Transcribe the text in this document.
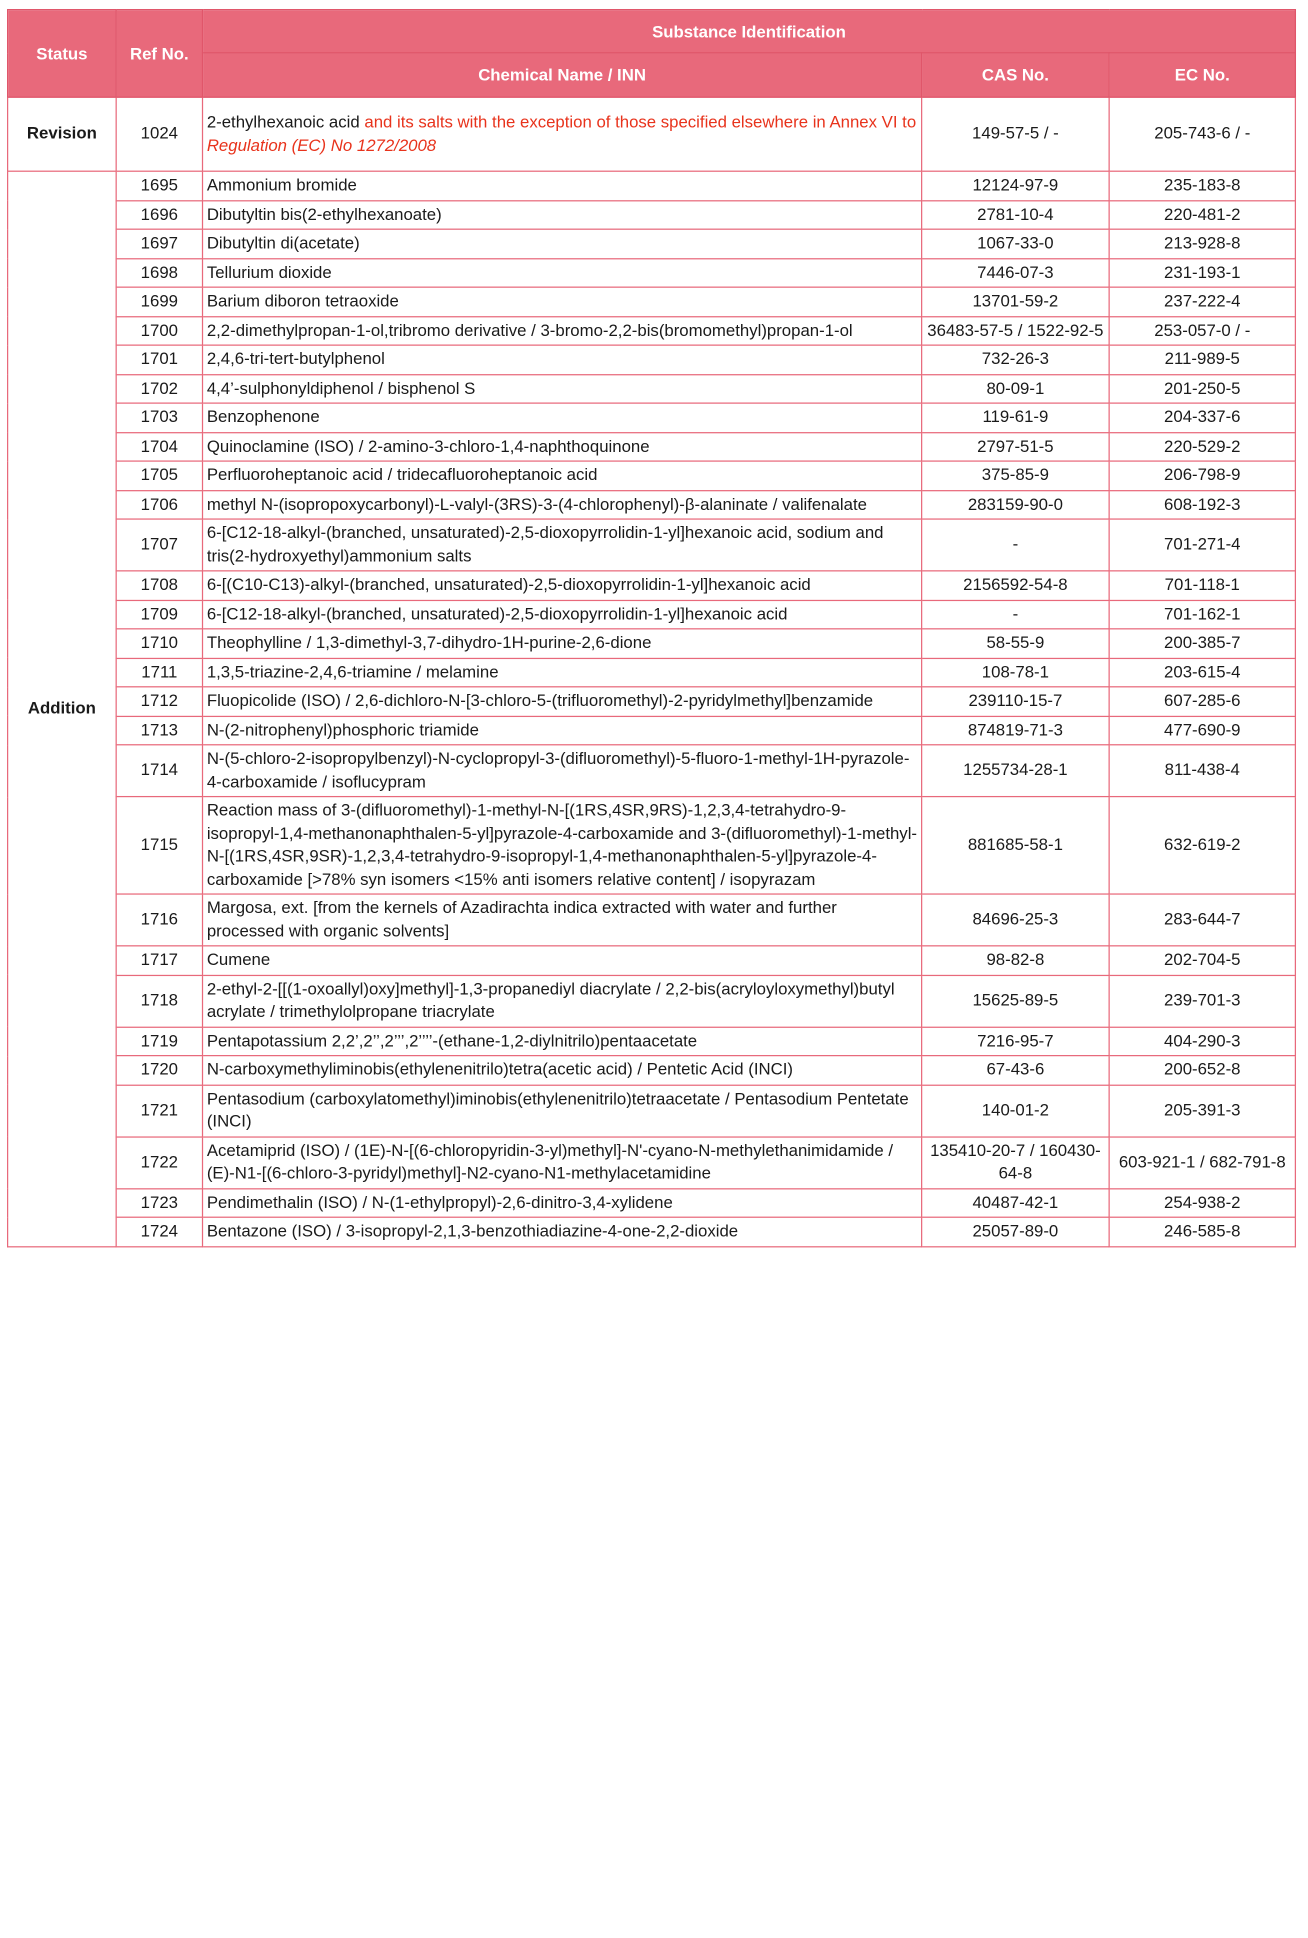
Status	Ref No.	Substance Identification		
		Chemical Name / INN	CAS No.	EC No.
Revision	1024	2-ethylhexanoic acid and its salts with the exception of those specified elsewhere in Annex VI to Regulation (EC) No 1272/2008	149-57-5 / -	205-743-6 / -
Addition	1695	Ammonium bromide	12124-97-9	235-183-8
	1696	Dibutyltin bis(2-ethylhexanoate)	2781-10-4	220-481-2
	1697	Dibutyltin di(acetate)	1067-33-0	213-928-8
	1698	Tellurium dioxide	7446-07-3	231-193-1
	1699	Barium diboron tetraoxide	13701-59-2	237-222-4
	1700	2,2-dimethylpropan-1-ol,tribromo derivative / 3-bromo-2,2-bis(bromomethyl)propan-1-ol	36483-57-5 / 1522-92-5	253-057-0 / -
	1701	2,4,6-tri-tert-butylphenol	732-26-3	211-989-5
	1702	4,4’-sulphonyldiphenol / bisphenol S	80-09-1	201-250-5
	1703	Benzophenone	119-61-9	204-337-6
	1704	Quinoclamine (ISO) / 2-amino-3-chloro-1,4-naphthoquinone	2797-51-5	220-529-2
	1705	Perfluoroheptanoic acid / tridecafluoroheptanoic acid	375-85-9	206-798-9
	1706	methyl N-(isopropoxycarbonyl)-L-valyl-(3RS)-3-(4-chlorophenyl)-β-alaninate / valifenalate	283159-90-0	608-192-3
	1707	6-[C12-18-alkyl-(branched, unsaturated)-2,5-dioxopyrrolidin-1-yl]hexanoic acid, sodium and tris(2-hydroxyethyl)ammonium salts	-	701-271-4
	1708	6-[(C10-C13)-alkyl-(branched, unsaturated)-2,5-dioxopyrrolidin-1-yl]hexanoic acid	2156592-54-8	701-118-1
	1709	6-[C12-18-alkyl-(branched, unsaturated)-2,5-dioxopyrrolidin-1-yl]hexanoic acid	-	701-162-1
	1710	Theophylline / 1,3-dimethyl-3,7-dihydro-1H-purine-2,6-dione	58-55-9	200-385-7
	1711	1,3,5-triazine-2,4,6-triamine / melamine	108-78-1	203-615-4
	1712	Fluopicolide (ISO) / 2,6-dichloro-N-[3-chloro-5-(trifluoromethyl)-2-pyridylmethyl]benzamide	239110-15-7	607-285-6
	1713	N-(2-nitrophenyl)phosphoric triamide	874819-71-3	477-690-9
	1714	N-(5-chloro-2-isopropylbenzyl)-N-cyclopropyl-3-(difluoromethyl)-5-fluoro-1-methyl-1H-pyrazole-4-carboxamide / isoflucypram	1255734-28-1	811-438-4
	1715	Reaction mass of 3-(difluoromethyl)-1-methyl-N-[(1RS,4SR,9RS)-1,2,3,4-tetrahydro-9-isopropyl-1,4-methanonaphthalen-5-yl]pyrazole-4-carboxamide and 3-(difluoromethyl)-1-methyl-N-[(1RS,4SR,9SR)-1,2,3,4-tetrahydro-9-isopropyl-1,4-methanonaphthalen-5-yl]pyrazole-4-carboxamide [>78% syn isomers <15% anti isomers relative content] / isopyrazam	881685-58-1	632-619-2
	1716	Margosa, ext. [from the kernels of Azadirachta indica extracted with water and further processed with organic solvents]	84696-25-3	283-644-7
	1717	Cumene	98-82-8	202-704-5
	1718	2-ethyl-2-[[(1-oxoallyl)oxy]methyl]-1,3-propanediyl diacrylate / 2,2-bis(acryloyloxymethyl)butyl acrylate / trimethylolpropane triacrylate	15625-89-5	239-701-3
	1719	Pentapotassium 2,2’,2’’,2’’’,2’’’’-(ethane-1,2-diylnitrilo)pentaacetate	7216-95-7	404-290-3
	1720	N-carboxymethyliminobis(ethylenenitrilo)tetra(acetic acid) / Pentetic Acid (INCI)	67-43-6	200-652-8
	1721	Pentasodium (carboxylatomethyl)iminobis(ethylenenitrilo)tetraacetate / Pentasodium Pentetate (INCI)	140-01-2	205-391-3
	1722	Acetamiprid (ISO) / (1E)-N-[(6-chloropyridin-3-yl)methyl]-N'-cyano-N-methylethanimidamide / (E)-N1-[(6-chloro-3-pyridyl)methyl]-N2-cyano-N1-methylacetamidine	135410-20-7 / 160430-64-8	603-921-1 / 682-791-8
	1723	Pendimethalin (ISO) / N-(1-ethylpropyl)-2,6-dinitro-3,4-xylidene	40487-42-1	254-938-2
	1724	Bentazone (ISO) / 3-isopropyl-2,1,3-benzothiadiazine-4-one-2,2-dioxide	25057-89-0	246-585-8
